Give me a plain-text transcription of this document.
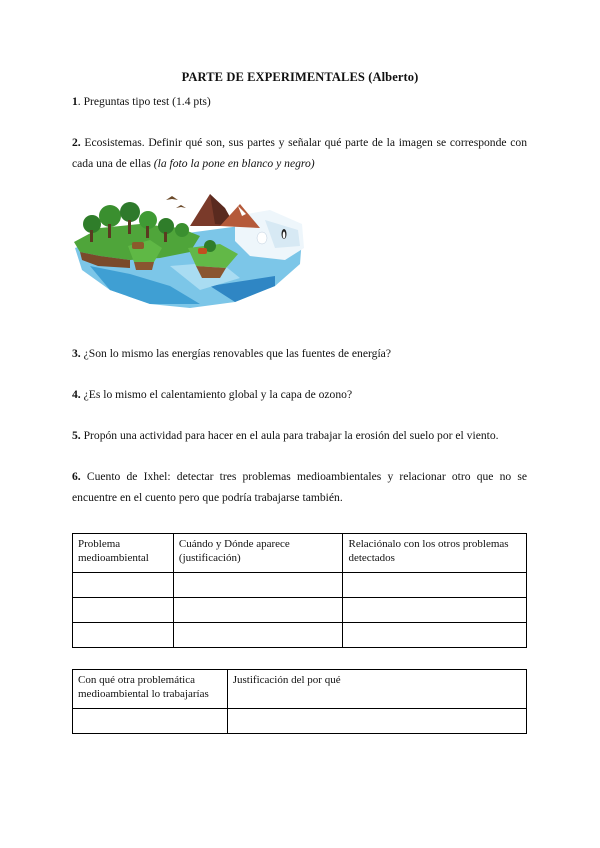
PARTE DE EXPERIMENTALES (Alberto)
1. Preguntas tipo test (1.4 pts)
2. Ecosistemas. Definir qué son, sus partes y señalar qué parte de la imagen se corresponde con cada una de ellas (la foto la pone en blanco y negro)
3. ¿Son lo mismo las energías renovables que las fuentes de energía?
4. ¿Es lo mismo el calentamiento global y la capa de ozono?
5. Propón una actividad para hacer en el aula para trabajar la erosión del suelo por el viento.
6. Cuento de Ixhel: detectar tres problemas medioambientales y relacionar otro que no se encuentre en el cuento pero que podría trabajarse también.
Problema medioambiental	Cuándo y Dónde aparece (justificación)	Relaciónalo con los otros problemas detectados

Con qué otra problemática medioambiental lo trabajarías	Justificación del por qué
